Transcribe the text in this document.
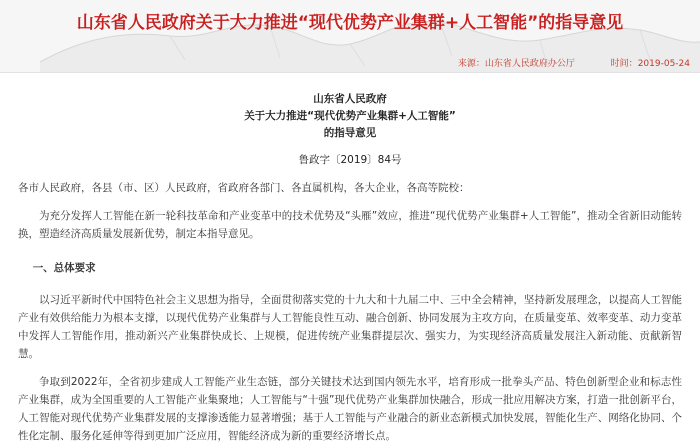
山东省人民政府关于大力推进“现代优势产业集群+人工智能”的指导意见
来源：山东省人民政府办公厅	时间：2019-05-24
山东省人民政府
关于大力推进“现代优势产业集群+人工智能”
的指导意见
鲁政字〔2019〕84号

各市人民政府，各县（市、区）人民政府，省政府各部门、各直属机构，各大企业，各高等院校：

为充分发挥人工智能在新一轮科技革命和产业变革中的技术优势及“头雁”效应，推进“现代优势产业集群+人工智能”，推动全省新旧动能转换，塑造经济高质量发展新优势，制定本指导意见。

一、总体要求

以习近平新时代中国特色社会主义思想为指导，全面贯彻落实党的十九大和十九届二中、三中全会精神，坚持新发展理念，以提高人工智能产业有效供给能力为根本支撑，以现代优势产业集群与人工智能良性互动、融合创新、协同发展为主攻方向，在质量变革、效率变革、动力变革中发挥人工智能作用，推动新兴产业集群快成长、上规模，促进传统产业集群提层次、强实力，为实现经济高质量发展注入新动能、贡献新智慧。

争取到2022年，全省初步建成人工智能产业生态链，部分关键技术达到国内领先水平，培育形成一批拳头产品、特色创新型企业和标志性产业集群，成为全国重要的人工智能产业集聚地；人工智能与“十强”现代优势产业集群加快融合，形成一批应用解决方案，打造一批创新平台，人工智能对现代优势产业集群发展的支撑渗透能力显著增强；基于人工智能与产业融合的新业态新模式加快发展，智能化生产、网络化协同、个性化定制、服务化延伸等得到更加广泛应用，智能经济成为新的重要经济增长点。
